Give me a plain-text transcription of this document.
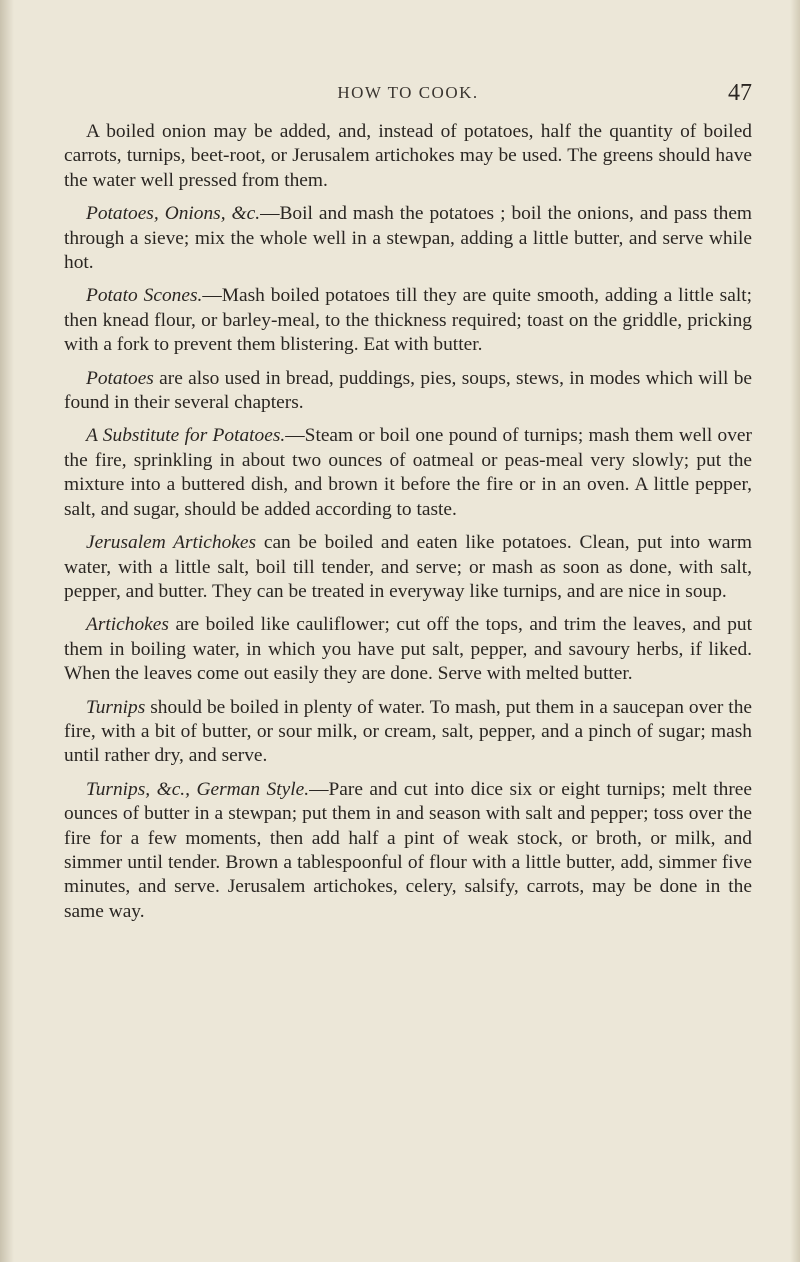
HOW TO COOK.	47

A boiled onion may be added, and, instead of potatoes, half the quantity of boiled carrots, turnips, beet-root, or Jerusalem artichokes may be used. The greens should have the water well pressed from them.

Potatoes, Onions, &c.—Boil and mash the potatoes ; boil the onions, and pass them through a sieve; mix the whole well in a stewpan, adding a little butter, and serve while hot.

Potato Scones.—Mash boiled potatoes till they are quite smooth, adding a little salt; then knead flour, or barley-meal, to the thickness required; toast on the griddle, pricking with a fork to prevent them blistering. Eat with butter.

Potatoes are also used in bread, puddings, pies, soups, stews, in modes which will be found in their several chapters.

A Substitute for Potatoes.—Steam or boil one pound of turnips; mash them well over the fire, sprinkling in about two ounces of oatmeal or peas-meal very slowly; put the mixture into a buttered dish, and brown it before the fire or in an oven. A little pepper, salt, and sugar, should be added according to taste.

Jerusalem Artichokes can be boiled and eaten like potatoes. Clean, put into warm water, with a little salt, boil till tender, and serve; or mash as soon as done, with salt, pepper, and butter. They can be treated in everyway like turnips, and are nice in soup.

Artichokes are boiled like cauliflower; cut off the tops, and trim the leaves, and put them in boiling water, in which you have put salt, pepper, and savoury herbs, if liked. When the leaves come out easily they are done. Serve with melted butter.

Turnips should be boiled in plenty of water. To mash, put them in a saucepan over the fire, with a bit of butter, or sour milk, or cream, salt, pepper, and a pinch of sugar; mash until rather dry, and serve.

Turnips, &c., German Style.—Pare and cut into dice six or eight turnips; melt three ounces of butter in a stewpan; put them in and season with salt and pepper; toss over the fire for a few moments, then add half a pint of weak stock, or broth, or milk, and simmer until tender. Brown a tablespoonful of flour with a little butter, add, simmer five minutes, and serve. Jerusalem artichokes, celery, salsify, carrots, may be done in the same way.
